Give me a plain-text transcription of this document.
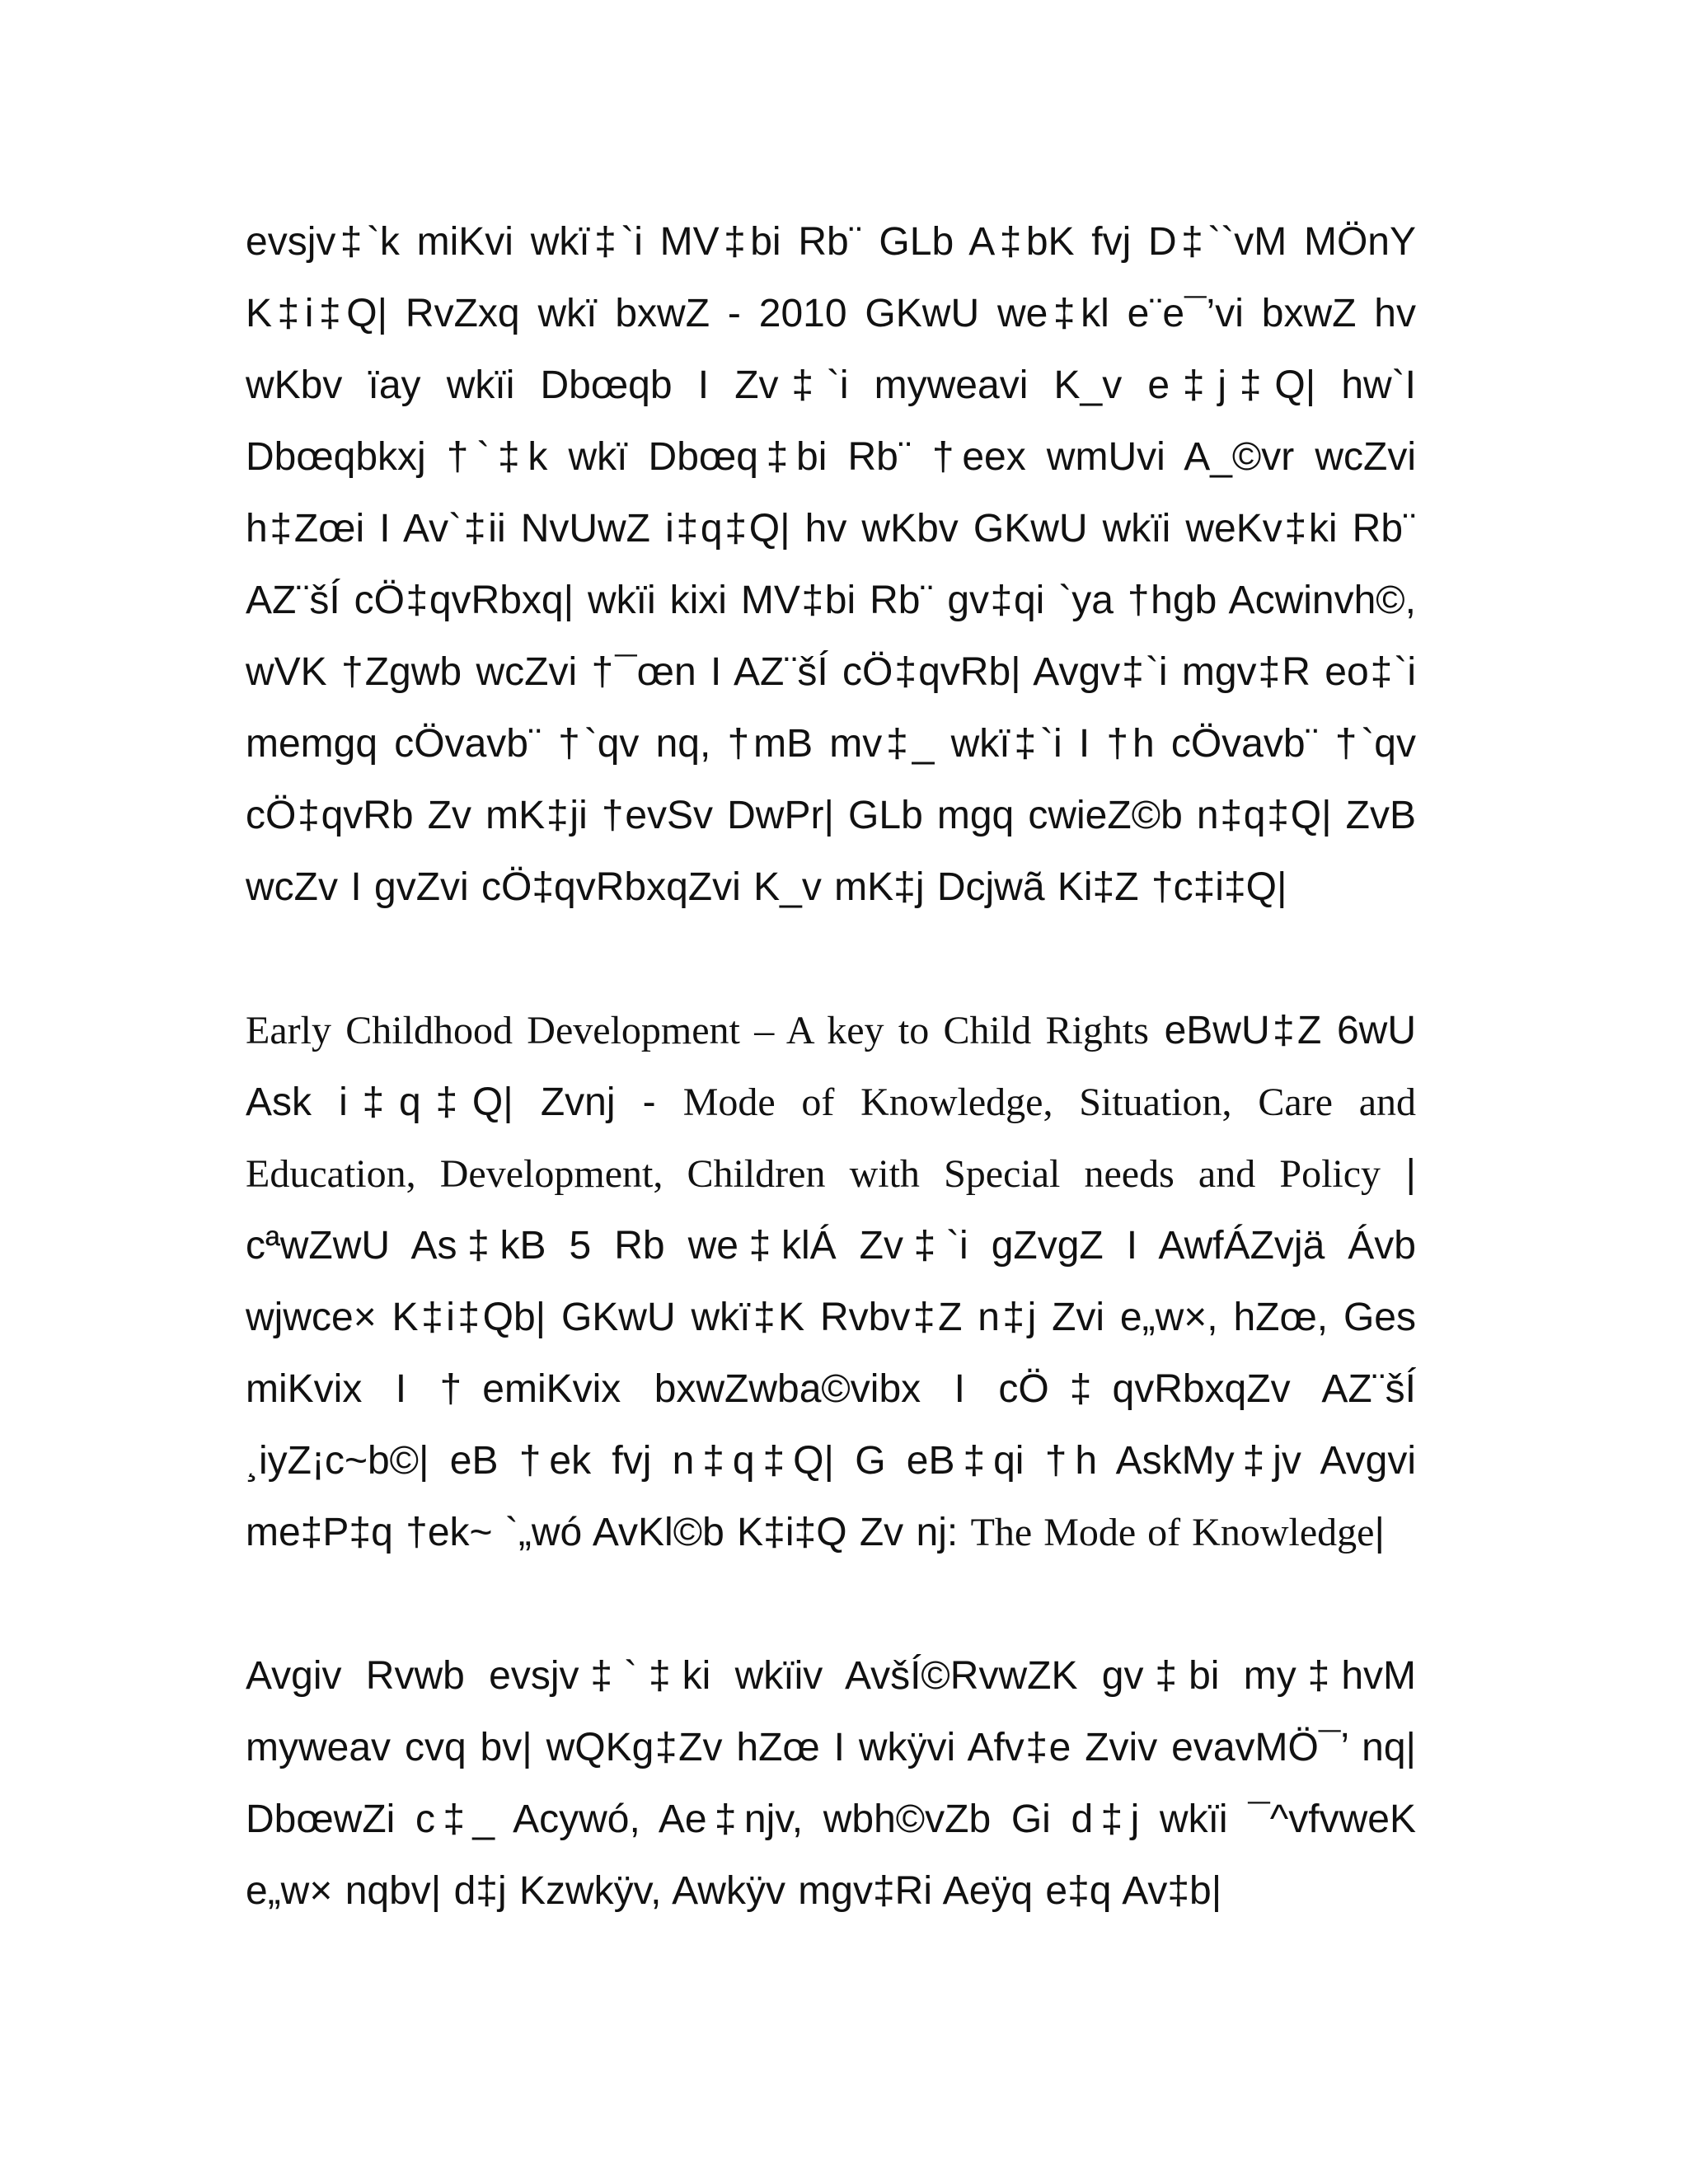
evsjv‡`k miKvi wkï‡`i MV‡bi Rb¨ GLb A‡bK fvj D‡``vM MÖnY
K‡i‡Q| RvZxq wkï bxwZ - 2010 GKwU we‡kl e¨e¯’vi bxwZ hv
wKbv ïay wkïi Dbœqb I Zv‡`i myweavi K_v e‡j‡Q| hw`I
Dbœqbkxj †`‡k wkï Dbœq‡bi Rb¨ †eex wmUvi A_©vr wcZvi
h‡Zœi I Av`‡ii NvUwZ i‡q‡Q| hv wKbv GKwU wkïi weKv‡ki Rb¨
AZ¨šÍ cÖ‡qvRbxq| wkïi kixi MV‡bi Rb¨ gv‡qi `ya †hgb Acwinvh©,
wVK †Zgwb wcZvi †¯œn I AZ¨šÍ cÖ‡qvRb| Avgv‡`i mgv‡R eo‡`i
memgq cÖvavb¨ †`qv nq, †mB mv‡_ wkï‡`i I †h cÖvavb¨ †`qv
cÖ‡qvRb Zv mK‡ji †evSv DwPr| GLb mgq cwieZ©b n‡q‡Q| ZvB
wcZv I gvZvi cÖ‡qvRbxqZvi K_v mK‡j Dcjwã Ki‡Z †c‡i‡Q|
Early Childhood Development – A key to Child Rights eBwU‡Z 6wU
Ask i‡q‡Q| Zvnj - Mode of Knowledge, Situation, Care and
Education, Development, Children with Special needs and Policy |
cªwZwU As‡kB 5 Rb we‡klÁ Zv‡`i gZvgZ I AwfÁZvjä Ávb
wjwce× K‡i‡Qb| GKwU wkï‡K Rvbv‡Z n‡j Zvi e„w×, hZœ, Ges
miKvix I †emiKvix bxwZwba©vibx I cÖ‡qvRbxqZv AZ¨šÍ
¸iyZ¡c~b©| eB †ek fvj n‡q‡Q| G eB‡qi †h AskMy‡jv Avgvi
me‡P‡q †ek~ `„wó AvKl©b K‡i‡Q Zv nj: The Mode of Knowledge|
Avgiv Rvwb evsjv‡`‡ki wkïiv AvšÍ©RvwZK gv‡bi my‡hvM
myweav cvq bv| wQKg‡Zv hZœ I wkÿvi Afv‡e Zviv evavMÖ¯’ nq|
DbœwZi c‡_ Acywó, Ae‡njv, wbh©vZb Gi d‡j wkïi ¯^vfvweK
e„w× nqbv| d‡j Kzwkÿv, Awkÿv mgv‡Ri Aeÿq e‡q Av‡b|
